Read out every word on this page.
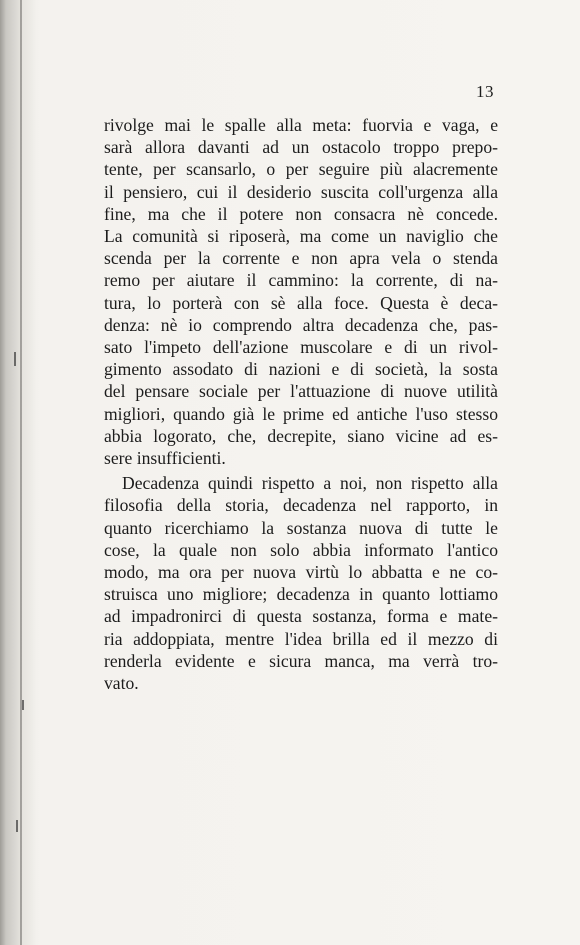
13
rivolge mai le spalle alla meta: fuorvia e vaga, e
sarà allora davanti ad un ostacolo troppo prepo-
tente, per scansarlo, o per seguire più alacremente
il pensiero, cui il desiderio suscita coll'urgenza alla
fine, ma che il potere non consacra nè concede.
La comunità si riposerà, ma come un naviglio che
scenda per la corrente e non apra vela o stenda
remo per aiutare il cammino: la corrente, di na-
tura, lo porterà con sè alla foce. Questa è deca-
denza: nè io comprendo altra decadenza che, pas-
sato l'impeto dell'azione muscolare e di un rivol-
gimento assodato di nazioni e di società, la sosta
del pensare sociale per l'attuazione di nuove utilità
migliori, quando già le prime ed antiche l'uso stesso
abbia logorato, che, decrepite, siano vicine ad es-
sere insufficienti.
Decadenza quindi rispetto a noi, non rispetto alla
filosofia della storia, decadenza nel rapporto, in
quanto ricerchiamo la sostanza nuova di tutte le
cose, la quale non solo abbia informato l'antico
modo, ma ora per nuova virtù lo abbatta e ne co-
struisca uno migliore; decadenza in quanto lottiamo
ad impadronirci di questa sostanza, forma e mate-
ria addoppiata, mentre l'idea brilla ed il mezzo di
renderla evidente e sicura manca, ma verrà tro-
vato.
